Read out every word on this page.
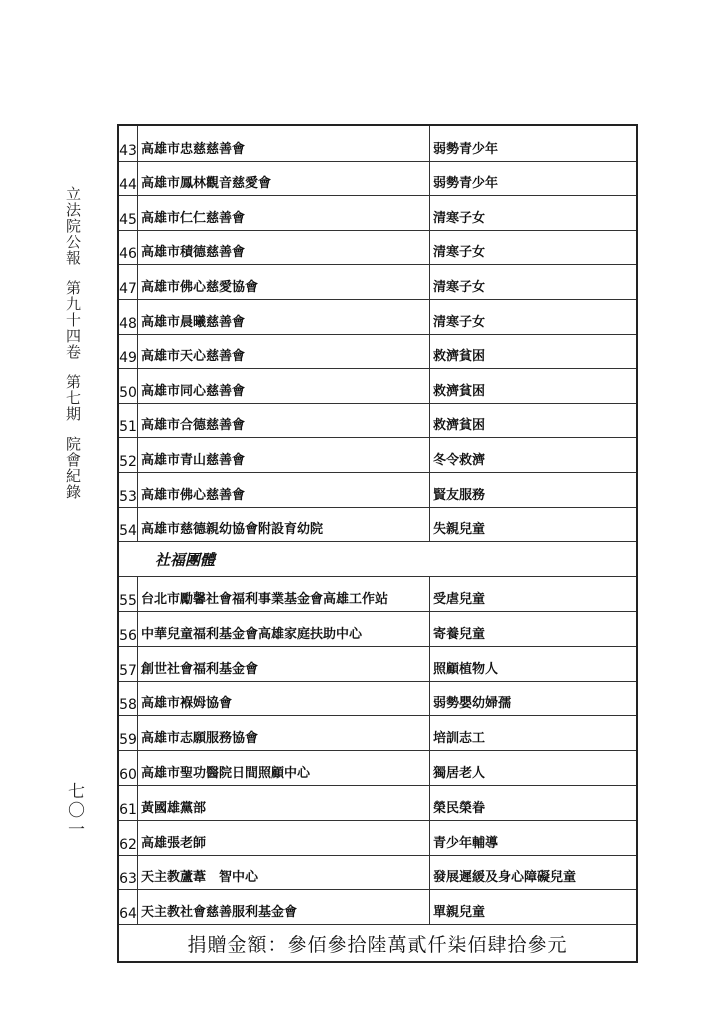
立法院公報
第九十四卷
第七期
院會紀錄
七〇一
43 高雄市忠慈慈善會	弱勢青少年
44 高雄市鳳林觀音慈愛會	弱勢青少年
45 高雄市仁仁慈善會	清寒子女
46 高雄市積德慈善會	清寒子女
47 高雄市佛心慈愛協會	清寒子女
48 高雄市晨曦慈善會	清寒子女
49 高雄市天心慈善會	救濟貧困
50 高雄市同心慈善會	救濟貧困
51 高雄市合德慈善會	救濟貧困
52 高雄市青山慈善會	冬令救濟
53 高雄市佛心慈善會	賢友服務
54 高雄市慈德親幼協會附設育幼院	失親兒童
社福團體
55 台北市勵馨社會福利事業基金會高雄工作站	受虐兒童
56 中華兒童福利基金會高雄家庭扶助中心	寄養兒童
57 創世社會福利基金會	照顧植物人
58 高雄市褓姆協會	弱勢嬰幼婦孺
59 高雄市志願服務協會	培訓志工
60 高雄市聖功醫院日間照顧中心	獨居老人
61 黃國雄黨部	榮民榮眷
62 高雄張老師	青少年輔導
63 天主教蘆葦　智中心	發展遲緩及身心障礙兒童
64 天主教社會慈善服利基金會	單親兒童
捐贈金額：參佰參拾陸萬貳仟柒佰肆拾參元
